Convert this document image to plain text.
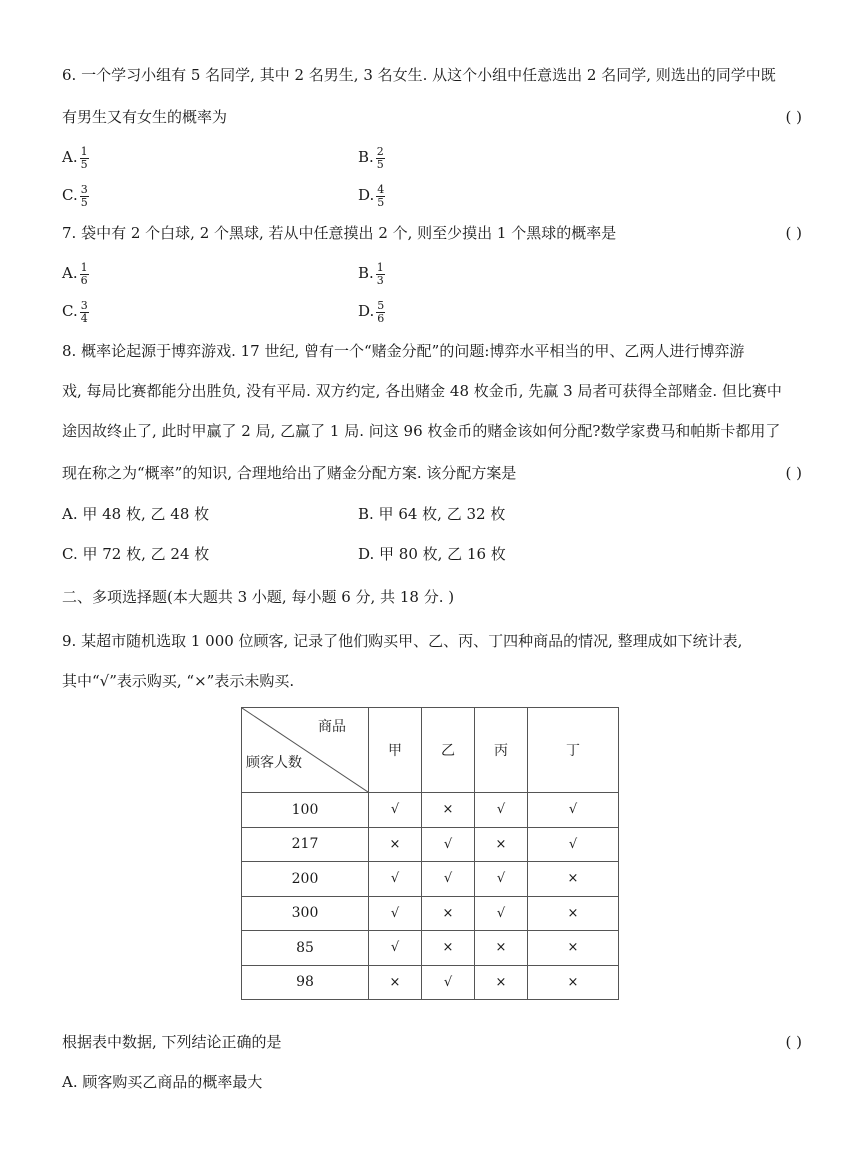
6. 一个学习小组有 5 名同学, 其中 2 名男生, 3 名女生. 从这个小组中任意选出 2 名同学, 则选出的同学中既
有男生又有女生的概率为	( )
A. $\frac{1}{5}$	B. $\frac{2}{5}$
C. $\frac{3}{5}$	D. $\frac{4}{5}$
7. 袋中有 2 个白球, 2 个黑球, 若从中任意摸出 2 个, 则至少摸出 1 个黑球的概率是	( )
A. $\frac{1}{6}$	B. $\frac{1}{3}$
C. $\frac{3}{4}$	D. $\frac{5}{6}$
8. 概率论起源于博弈游戏. 17 世纪, 曾有一个“赌金分配”的问题:博弈水平相当的甲、乙两人进行博弈游
戏, 每局比赛都能分出胜负, 没有平局. 双方约定, 各出赌金 48 枚金币, 先赢 3 局者可获得全部赌金. 但比赛中
途因故终止了, 此时甲赢了 2 局, 乙赢了 1 局. 问这 96 枚金币的赌金该如何分配?数学家费马和帕斯卡都用了
现在称之为“概率”的知识, 合理地给出了赌金分配方案. 该分配方案是	( )
A. 甲 48 枚, 乙 48 枚	B. 甲 64 枚, 乙 32 枚
C. 甲 72 枚, 乙 24 枚	D. 甲 80 枚, 乙 16 枚
二、多项选择题(本大题共 3 小题, 每小题 6 分, 共 18 分. )
9. 某超市随机选取 1 000 位顾客, 记录了他们购买甲、乙、丙、丁四种商品的情况, 整理成如下统计表,
其中“√”表示购买, “×”表示未购买.
商品
顾客人数	甲	乙	丙	丁
100	√	×	√	√
217	×	√	×	√
200	√	√	√	×
300	√	×	√	×
85	√	×	×	×
98	×	√	×	×
根据表中数据, 下列结论正确的是	( )
A. 顾客购买乙商品的概率最大
